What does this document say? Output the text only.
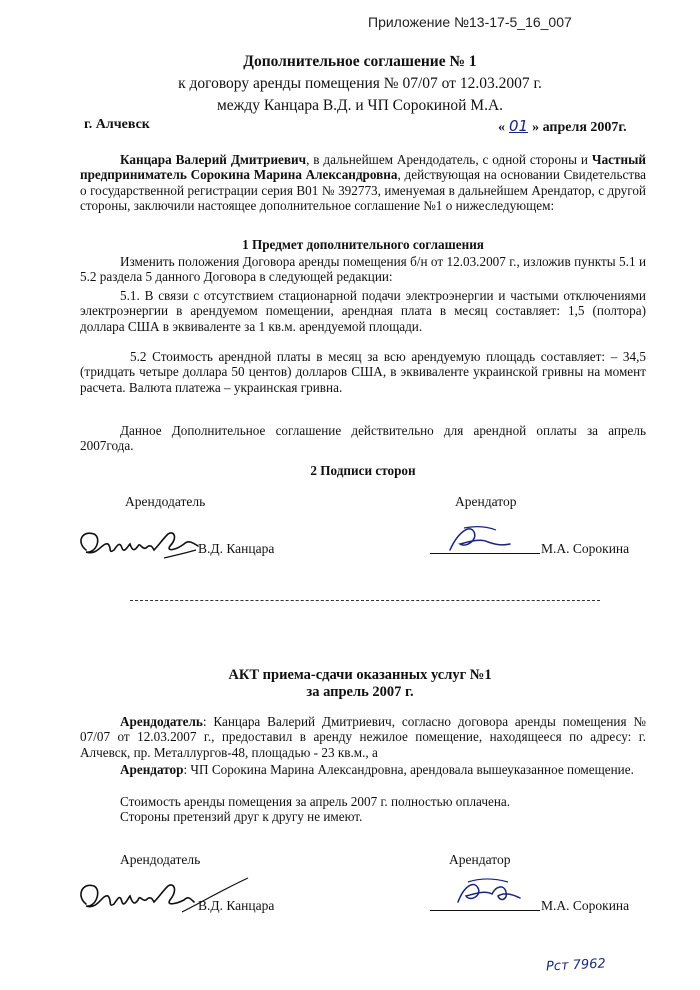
Приложение №13-17-5_16_007
Дополнительное соглашение № 1
к договору аренды помещения № 07/07 от 12.03.2007 г.
между Канцара В.Д. и ЧП Сорокиной М.А.
г. Алчевск	« 01 » апреля 2007г.

Канцара Валерий Дмитриевич, в дальнейшем Арендодатель, с одной стороны и Частный предприниматель Сорокина Марина Александровна, действующая на основании Свидетельства о государственной регистрации серия В01 № 392773, именуемая в дальнейшем Арендатор, с другой стороны, заключили настоящее дополнительное соглашение №1 о нижеследующем:

1 Предмет дополнительного соглашения

Изменить положения Договора аренды помещения б/н от 12.03.2007 г., изложив пункты 5.1 и 5.2 раздела 5 данного Договора в следующей редакции:

5.1. В связи с отсутствием стационарной подачи электроэнергии и частыми отключениями электроэнергии в арендуемом помещении, арендная плата в месяц составляет: 1,5 (полтора) доллара США в эквиваленте за 1 кв.м. арендуемой площади.

5.2 Стоимость арендной платы в месяц за всю арендуемую площадь составляет: – 34,5 (тридцать четыре доллара 50 центов) долларов США, в эквиваленте украинской гривны на момент расчета. Валюта платежа – украинская гривна.

Данное Дополнительное соглашение действительно для арендной оплаты за апрель 2007года.

2 Подписи сторон
Арендодатель	Арендатор
В.Д. Канцара	М.А. Сорокина
АКТ приема-сдачи оказанных услуг №1
за апрель 2007 г.

Арендодатель: Канцара Валерий Дмитриевич, согласно договора аренды помещения № 07/07 от 12.03.2007 г., предоставил в аренду нежилое помещение, находящееся по адресу: г. Алчевск, пр. Металлургов-48, площадью - 23 кв.м., а

Арендатор: ЧП Сорокина Марина Александровна, арендовала вышеуказанное помещение.

Стоимость аренды помещения за апрель 2007 г. полностью оплачена.

Стороны претензий друг к другу не имеют.

Арендодатель	Арендатор
В.Д. Канцара	М.А. Сорокина
Рст 7962
